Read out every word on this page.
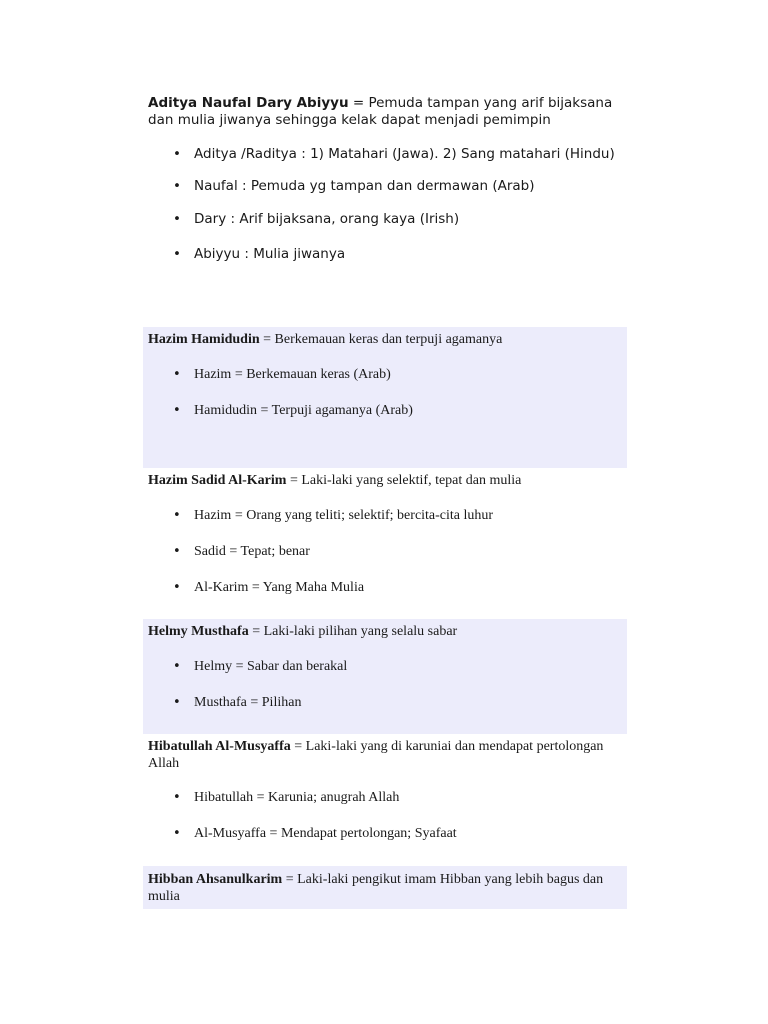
Aditya Naufal Dary Abiyyu = Pemuda tampan yang arif bijaksana dan mulia jiwanya sehingga kelak dapat menjadi pemimpin

• Aditya /Raditya : 1) Matahari (Jawa). 2) Sang matahari (Hindu)
• Naufal : Pemuda yg tampan dan dermawan (Arab)
• Dary : Arif bijaksana, orang kaya (Irish)
• Abiyyu : Mulia jiwanya

Hazim Hamidudin = Berkemauan keras dan terpuji agamanya

• Hazim = Berkemauan keras (Arab)
• Hamidudin = Terpuji agamanya (Arab)

Hazim Sadid Al-Karim = Laki-laki yang selektif, tepat dan mulia

• Hazim = Orang yang teliti; selektif; bercita-cita luhur
• Sadid = Tepat; benar
• Al-Karim = Yang Maha Mulia

Helmy Musthafa = Laki-laki pilihan yang selalu sabar

• Helmy = Sabar dan berakal
• Musthafa = Pilihan

Hibatullah Al-Musyaffa = Laki-laki yang di karuniai dan mendapat pertolongan Allah

• Hibatullah = Karunia; anugrah Allah
• Al-Musyaffa = Mendapat pertolongan; Syafaat

Hibban Ahsanulkarim = Laki-laki pengikut imam Hibban yang lebih bagus dan mulia
